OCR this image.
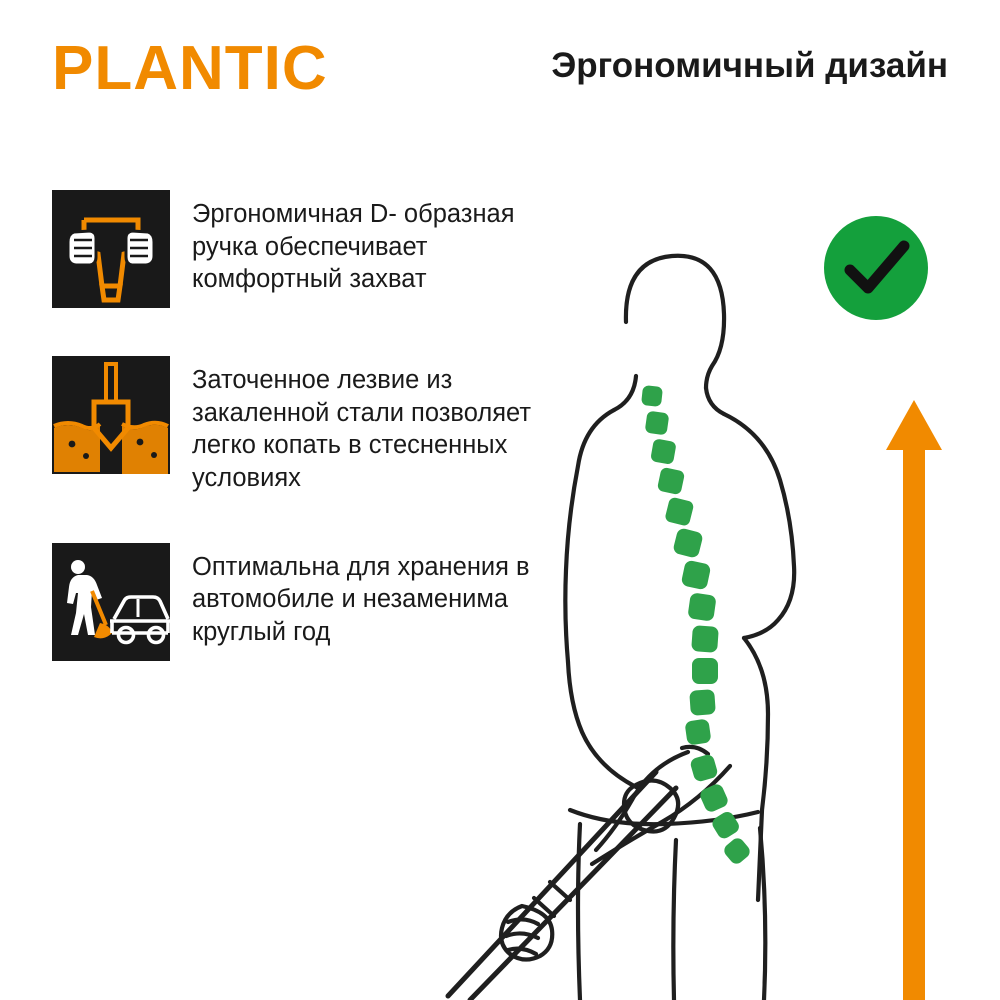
PLANTIC	Эргономичный дизайн
Эргономичная D- образная ручка обеспечивает комфортный захват
Заточенное лезвие из закаленной стали позволяет легко копать в стесненных условиях
Оптимальна для хранения в автомобиле и незаменима круглый год
